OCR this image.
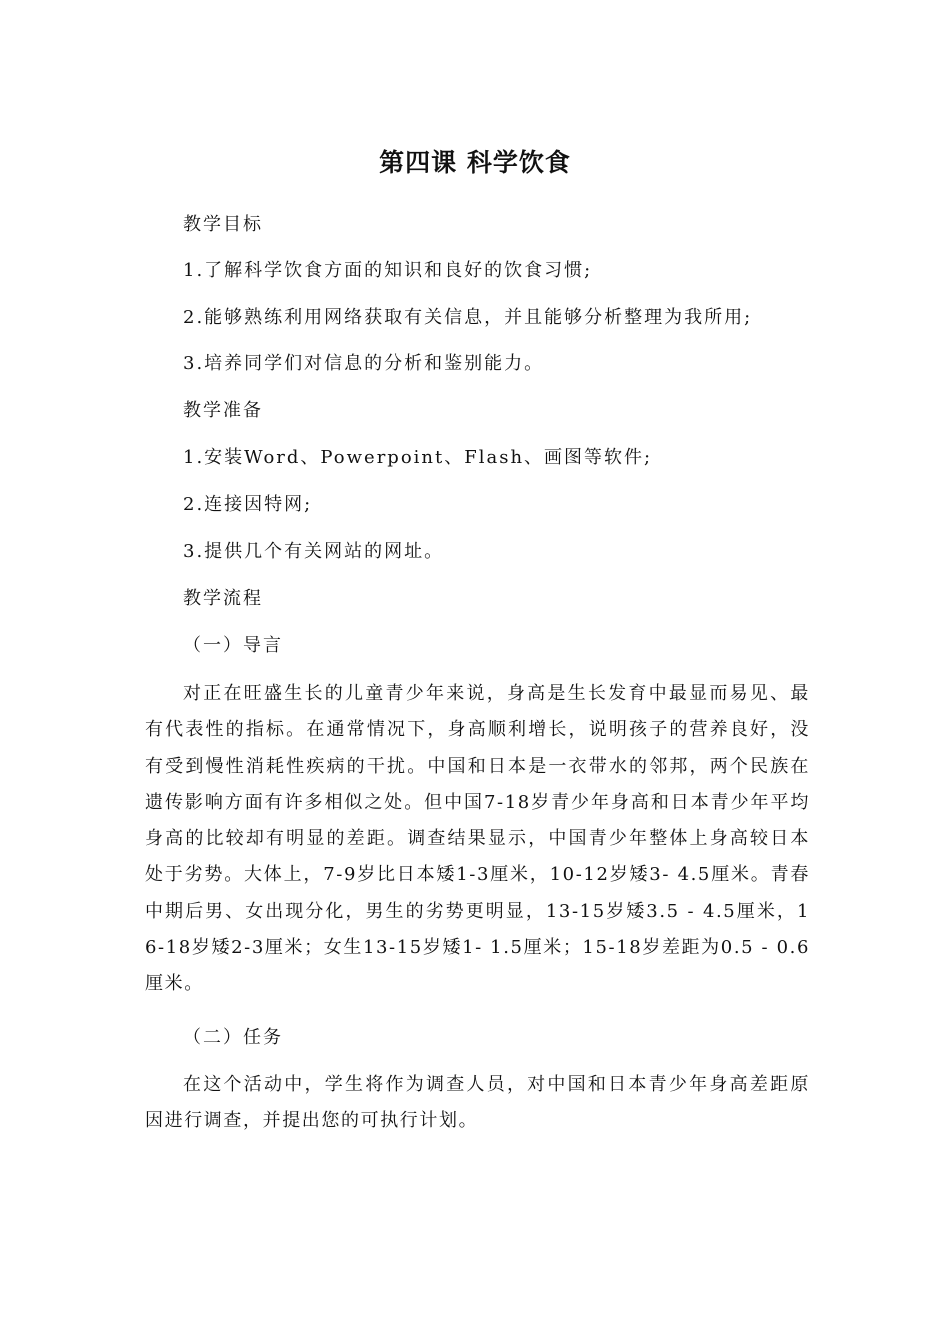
第四课 科学饮食
教学目标
1.了解科学饮食方面的知识和良好的饮食习惯;
2.能够熟练利用网络获取有关信息，并且能够分析整理为我所用;
3.培养同学们对信息的分析和鉴别能力。
教学准备
1.安装Word、Powerpoint、Flash、画图等软件;
2.连接因特网;
3.提供几个有关网站的网址。
教学流程
（一）导言
对正在旺盛生长的儿童青少年来说，身高是生长发育中最显而易见、最有代表性的指标。在通常情况下，身高顺利增长，说明孩子的营养良好，没有受到慢性消耗性疾病的干扰。中国和日本是一衣带水的邻邦，两个民族在遗传影响方面有许多相似之处。但中国7-18岁青少年身高和日本青少年平均身高的比较却有明显的差距。调查结果显示，中国青少年整体上身高较日本处于劣势。大体上，7-9岁比日本矮1-3厘米，10-12岁矮3- 4.5厘米。青春中期后男、女出现分化，男生的劣势更明显，13-15岁矮3.5 - 4.5厘米，16-18岁矮2-3厘米；女生13-15岁矮1- 1.5厘米；15-18岁差距为0.5 - 0.6厘米。
（二）任务
在这个活动中，学生将作为调查人员，对中国和日本青少年身高差距原因进行调查，并提出您的可执行计划。
